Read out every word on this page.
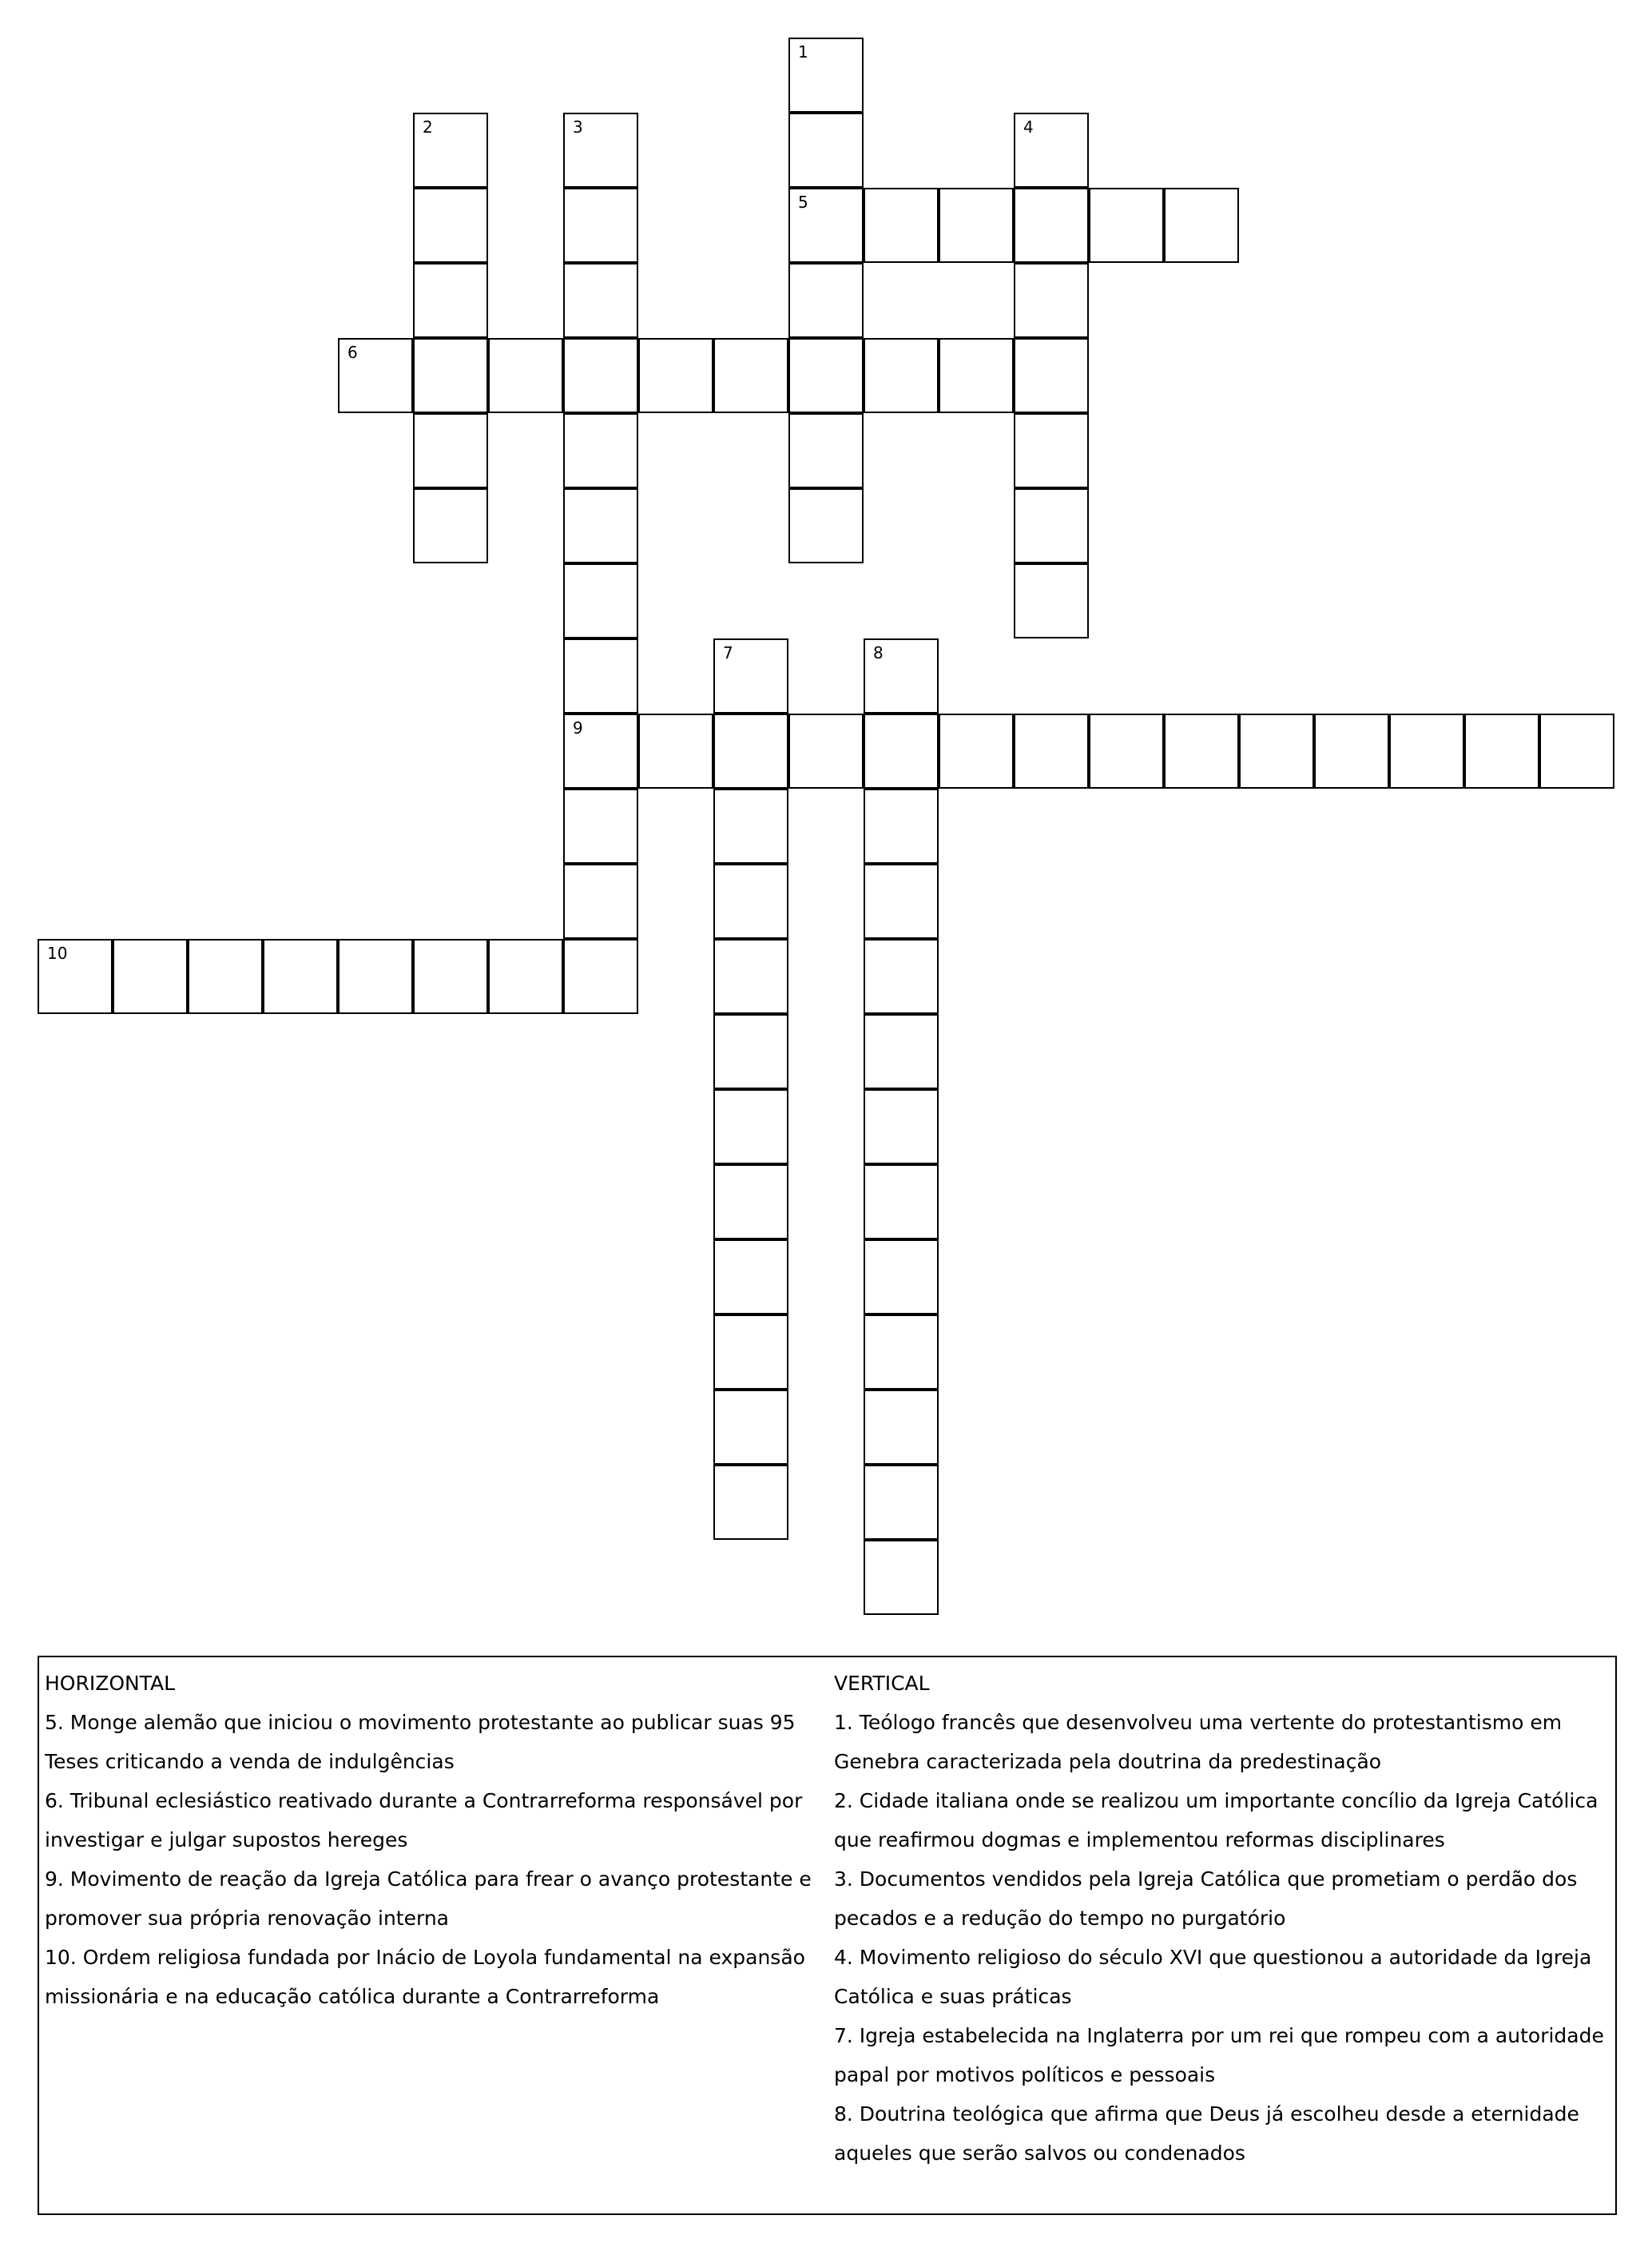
1
5
2	3
9
4
6
7	8
10

HORIZONTAL

5. Monge alemão que iniciou o movimento protestante ao publicar suas 95 Teses criticando a venda de indulgências

6. Tribunal eclesiástico reativado durante a Contrarreforma responsável por investigar e julgar supostos hereges

9. Movimento de reação da Igreja Católica para frear o avanço protestante e promover sua própria renovação interna

10. Ordem religiosa fundada por Inácio de Loyola fundamental na expansão missionária e na educação católica durante a Contrarreforma

VERTICAL

1. Teólogo francês que desenvolveu uma vertente do protestantismo em Genebra caracterizada pela doutrina da predestinação

2. Cidade italiana onde se realizou um importante concílio da Igreja Católica que reafirmou dogmas e implementou reformas disciplinares

3. Documentos vendidos pela Igreja Católica que prometiam o perdão dos pecados e a redução do tempo no purgatório

4. Movimento religioso do século XVI que questionou a autoridade da Igreja Católica e suas práticas

7. Igreja estabelecida na Inglaterra por um rei que rompeu com a autoridade papal por motivos políticos e pessoais

8. Doutrina teológica que afirma que Deus já escolheu desde a eternidade aqueles que serão salvos ou condenados
